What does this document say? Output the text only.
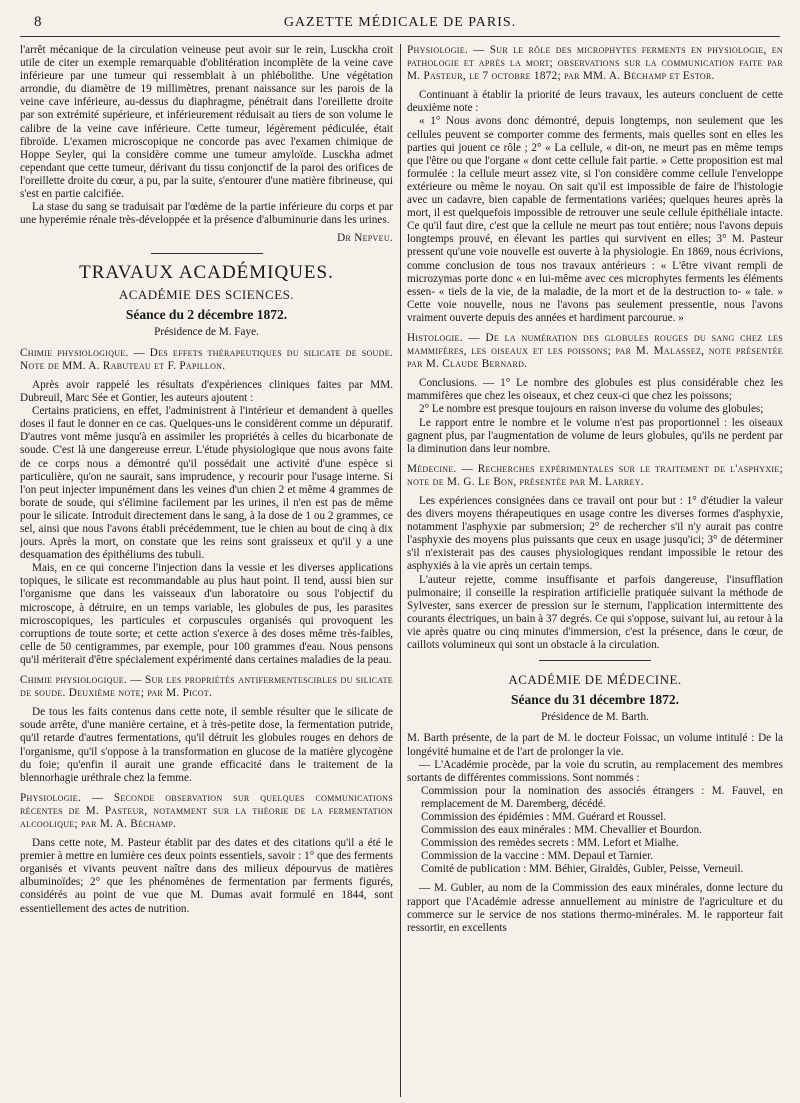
8	GAZETTE MÉDICALE DE PARIS.

l'arrêt mécanique de la circulation veineuse peut avoir sur le rein, Lusckha croit utile de citer un exemple remarquable d'oblitération incomplète de la veine cave inférieure par une tumeur qui ressemblait à un phlébolithe. Une végétation arrondie, du diamètre de 19 millimètres, prenant naissance sur les parois de la veine cave inférieure, au-dessus du diaphragme, pénétrait dans l'oreillette droite par son extrémité supérieure, et inférieurement réduisait au tiers de son volume le calibre de la veine cave inférieure. Cette tumeur, légèrement pédiculée, était fibroïde. L'examen microscopique ne concorde pas avec l'examen chimique de Hoppe Seyler, qui la considère comme une tumeur amyloïde. Lusckha admet cependant que cette tumeur, dérivant du tissu conjonctif de la paroi des orifices de l'oreillette droite du cœur, a pu, par la suite, s'entourer d'une matière fibrineuse, qui s'est en partie calcifiée.

La stase du sang se traduisait par l'œdème de la partie inférieure du corps et par une hyperémie rénale très-développée et la présence d'albuminurie dans les urines.

Dr Nepveu.
TRAVAUX ACADÉMIQUES.
ACADÉMIE DES SCIENCES.
Séance du 2 décembre 1872.
Présidence de M. Faye.

Chimie physiologique. — Des effets thérapeutiques du silicate de soude. Note de MM. A. Rabuteau et F. Papillon.

Après avoir rappelé les résultats d'expériences cliniques faites par MM. Dubreuil, Marc Sée et Gontier, les auteurs ajoutent :

Certains praticiens, en effet, l'administrent à l'intérieur et demandent à quelles doses il faut le donner en ce cas. Quelques-uns le considèrent comme un dépuratif. D'autres vont même jusqu'à en assimiler les propriétés à celles du bicarbonate de soude. C'est là une dangereuse erreur. L'étude physiologique que nous avons faite de ce corps nous a démontré qu'il possédait une activité d'une espèce si particulière, qu'on ne saurait, sans imprudence, y recourir pour l'usage interne. Si l'on peut injecter impunément dans les veines d'un chien 2 et même 4 grammes de borate de soude, qui s'élimine facilement par les urines, il n'en est pas de même pour le silicate. Introduit directement dans le sang, à la dose de 1 ou 2 grammes, ce sel, ainsi que nous l'avons établi précédemment, tue le chien au bout de cinq à dix jours. Après la mort, on constate que les reins sont graisseux et qu'il y a une desquamation des épithéliums des tubuli.

Mais, en ce qui concerne l'injection dans la vessie et les diverses applications topiques, le silicate est recommandable au plus haut point. Il tend, aussi bien sur l'organisme que dans les vaisseaux d'un laboratoire ou sous l'objectif du microscope, à détruire, en un temps variable, les globules de pus, les parasites microscopiques, les particules et corpuscules organisés qui provoquent les corruptions de toute sorte; et cette action s'exerce à des doses même très-faibles, celle de 50 centigrammes, par exemple, pour 100 grammes d'eau. Nous pensons qu'il mériterait d'être spécialement expérimenté dans certaines maladies de la peau.

Chimie physiologique. — Sur les propriétés antifermentescibles du silicate de soude. Deuxième note; par M. Picot.

De tous les faits contenus dans cette note, il semble résulter que le silicate de soude arrête, d'une manière certaine, et à très-petite dose, la fermentation putride, qu'il retarde d'autres fermentations, qu'il détruit les globules rouges en dehors de l'organisme, qu'il s'oppose à la transformation en glucose de la matière glycogène du foie; qu'enfin il aurait une grande efficacité dans le traitement de la blennorhagie uréthrale chez la femme.

Physiologie. — Seconde observation sur quelques communications récentes de M. Pasteur, notamment sur la théorie de la fermentation alcoolique; par M. A. Béchamp.

Dans cette note, M. Pasteur établit par des dates et des citations qu'il a été le premier à mettre en lumière ces deux points essentiels, savoir : 1° que des ferments organisés et vivants peuvent naître dans des milieux dépourvus de matières albuminoïdes; 2° que les phénomènes de fermentation par ferments figurés, considérés au point de vue que M. Dumas avait formulé en 1844, sont essentiellement des actes de nutrition.

Physiologie. — Sur le rôle des microphytes ferments en physiologie, en pathologie et après la mort; observations sur la communication faite par M. Pasteur, le 7 octobre 1872; par MM. A. Béchamp et Estor.

Continuant à établir la priorité de leurs travaux, les auteurs concluent de cette deuxième note :

« 1° Nous avons donc démontré, depuis longtemps, non seulement que les cellules peuvent se comporter comme des ferments, mais quelles sont en elles les parties qui jouent ce rôle ; 2° « La cellule, « dit-on, ne meurt pas en même temps que l'être ou que l'organe « dont cette cellule fait partie. » Cette proposition est mal formulée : la cellule meurt assez vite, si l'on considère comme cellule l'enveloppe extérieure ou même le noyau. On sait qu'il est impossible de faire de l'histologie avec un cadavre, bien capable de fermentations variées; quelques heures après la mort, il est quelquefois impossible de retrouver une seule cellule épithéliale intacte. Ce qu'il faut dire, c'est que la cellule ne meurt pas tout entière; nous l'avons depuis longtemps prouvé, en élevant les parties qui survivent en elles; 3° M. Pasteur pressent qu'une voie nouvelle est ouverte à la physiologie. En 1869, nous écrivions, comme conclusion de tous nos travaux antérieurs : « L'être vivant rempli de microzymas porte donc « en lui-même avec ces microphytes ferments les éléments essen- « tiels de la vie, de la maladie, de la mort et de la destruction to- « tale. » Cette voie nouvelle, nous ne l'avons pas seulement pressentie, nous l'avons vraiment ouverte depuis des années et hardiment parcourue. »

Histologie. — De la numération des globules rouges du sang chez les mammifères, les oiseaux et les poissons; par M. Malassez, note présentée par M. Claude Bernard.

Conclusions. — 1° Le nombre des globules est plus considérable chez les mammifères que chez les oiseaux, et chez ceux-ci que chez les poissons;

2° Le nombre est presque toujours en raison inverse du volume des globules;

Le rapport entre le nombre et le volume n'est pas proportionnel : les oiseaux gagnent plus, par l'augmentation de volume de leurs globules, qu'ils ne perdent par la diminution dans leur nombre.

Médecine. — Recherches expérimentales sur le traitement de l'asphyxie; note de M. G. Le Bon, présentée par M. Larrey.

Les expériences consignées dans ce travail ont pour but : 1° d'étudier la valeur des divers moyens thérapeutiques en usage contre les diverses formes d'asphyxie, notamment l'asphyxie par submersion; 2° de rechercher s'il n'y aurait pas contre l'asphyxie des moyens plus puissants que ceux en usage jusqu'ici; 3° de déterminer s'il n'existerait pas des causes physiologiques rendant impossible le retour des asphyxiés à la vie après un certain temps.

L'auteur rejette, comme insuffisante et parfois dangereuse, l'insufflation pulmonaire; il conseille la respiration artificielle pratiquée suivant la méthode de Sylvester, sans exercer de pression sur le sternum, l'application intermittente des courants électriques, un bain à 37 degrés. Ce qui s'oppose, suivant lui, au retour à la vie après quatre ou cinq minutes d'immersion, c'est la présence, dans le cœur, de caillots volumineux qui sont un obstacle à la circulation.

ACADÉMIE DE MÉDECINE.
Séance du 31 décembre 1872.
Présidence de M. Barth.

M. Barth présente, de la part de M. le docteur Foissac, un volume intitulé : De la longévité humaine et de l'art de prolonger la vie.

— L'Académie procède, par la voie du scrutin, au remplacement des membres sortants de différentes commissions. Sont nommés :

Commission pour la nomination des associés étrangers : M. Fauvel, en remplacement de M. Daremberg, décédé.

Commission des épidémies : MM. Guérard et Roussel.

Commission des eaux minérales : MM. Chevallier et Bourdon.

Commission des remèdes secrets : MM. Lefort et Mialhe.

Commission de la vaccine : MM. Depaul et Tarnier.

Comité de publication : MM. Béhier, Giraldès, Gubler, Peisse, Verneuil.

— M. Gubler, au nom de la Commission des eaux minérales, donne lecture du rapport que l'Académie adresse annuellement au ministre de l'agriculture et du commerce sur le service de nos stations thermo-minérales. M. le rapporteur fait ressortir, en excellents
